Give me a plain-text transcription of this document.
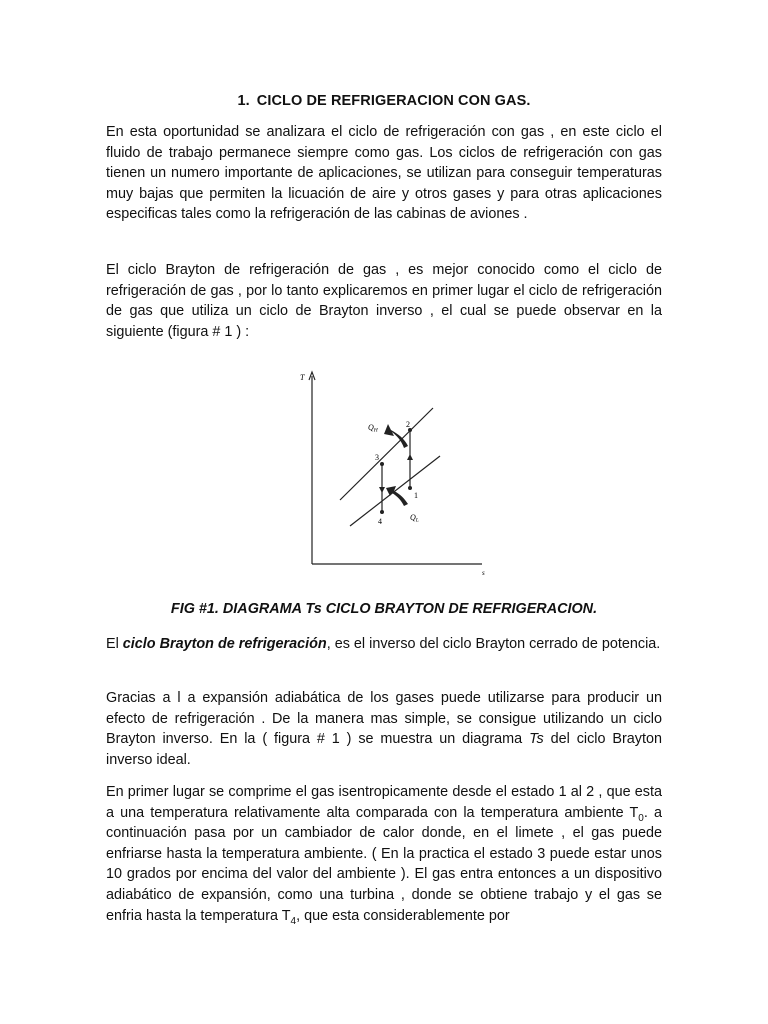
1. CICLO DE REFRIGERACION CON GAS.

En esta oportunidad se analizara el ciclo de refrigeración con gas , en este ciclo el fluido de trabajo permanece siempre como gas. Los ciclos de refrigeración con gas tienen un numero importante de aplicaciones, se utilizan para conseguir temperaturas muy bajas que permiten la licuación de aire y otros gases y para otras aplicaciones especificas tales como la refrigeración de las cabinas de aviones .

El ciclo Brayton de refrigeración de gas , es mejor conocido como el ciclo de refrigeración de gas , por lo tanto explicaremos en primer lugar el ciclo de refrigeración de gas que utiliza un ciclo de Brayton inverso , el cual se puede observar en la siguiente (figura # 1 ) :

T
s
1
2
3
4
QH
QL
FIG #1. DIAGRAMA Ts CICLO BRAYTON DE REFRIGERACION.

El ciclo Brayton de refrigeración, es el inverso del ciclo Brayton cerrado de potencia.

Gracias a l a expansión adiabática de los gases puede utilizarse para producir un efecto de refrigeración . De la manera mas simple, se consigue utilizando un ciclo Brayton inverso. En la ( figura # 1 ) se muestra un diagrama Ts del ciclo Brayton inverso ideal.

En primer lugar se comprime el gas isentropicamente desde el estado 1 al 2 , que esta a una temperatura relativamente alta comparada con la temperatura ambiente $T_0$. a continuación pasa por un cambiador de calor donde, en el limete , el gas puede enfriarse hasta la temperatura ambiente. ( En la practica el estado 3 puede estar unos 10 grados por encima del valor del ambiente ). El gas entra entonces a un dispositivo adiabático de expansión, como una turbina , donde se obtiene trabajo y el gas se enfria hasta la temperatura $T_4$, que esta considerablemente por
